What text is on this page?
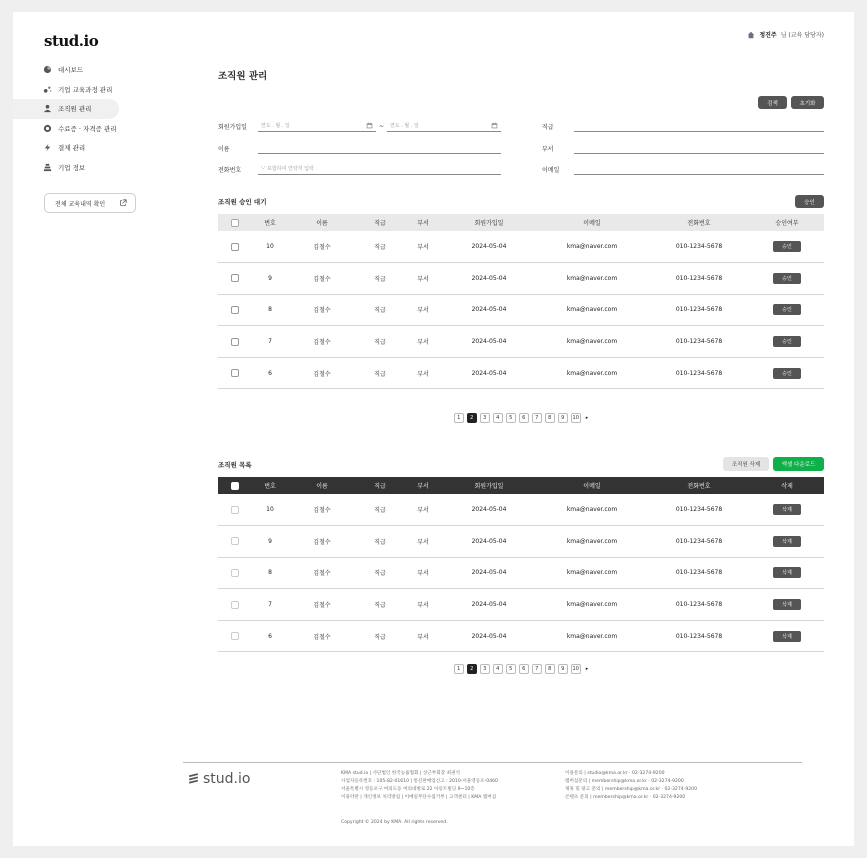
stud.io	정진주 님 (교육 담당자)
대시보드
기업 교육과정 관리
조직원 관리
수료증 · 자격증 관리
결제 관리
기업 정보
전체 교육내역 확인
조직원 관리
검색	초기화
회원가입일	연도 . 월 . 일	~	연도 . 월 . 일
이름
전화번호	'-' 포함하여 연락처 입력
직급
부서
이메일
조직원 승인 대기	승인
	번호	이름	직급	부서	회원가입일	이메일	전화번호	승인여부
	10	김철수	직급	부서	2024-05-04	kma@naver.com	010-1234-5678	승인
	9	김철수	직급	부서	2024-05-04	kma@naver.com	010-1234-5678	승인
	8	김철수	직급	부서	2024-05-04	kma@naver.com	010-1234-5678	승인
	7	김철수	직급	부서	2024-05-04	kma@naver.com	010-1234-5678	승인
	6	김철수	직급	부서	2024-05-04	kma@naver.com	010-1234-5678	승인
1	2	3	4	5	6	7	8	9	10	▸
조직원 목록	조직원 삭제	엑셀 다운로드
	번호	이름	직급	부서	회원가입일	이메일	전화번호	삭제
	10	김철수	직급	부서	2024-05-04	kma@naver.com	010-1234-5678	삭제
	9	김철수	직급	부서	2024-05-04	kma@naver.com	010-1234-5678	삭제
	8	김철수	직급	부서	2024-05-04	kma@naver.com	010-1234-5678	삭제
	7	김철수	직급	부서	2024-05-04	kma@naver.com	010-1234-5678	삭제
	6	김철수	직급	부서	2024-05-04	kma@naver.com	010-1234-5678	삭제
1	2	3	4	5	6	7	8	9	10	▸
stud.io	KMA stud.io | 사단법인 한국능률협회 | 상근부회장 최권석
사업자등록번호 : 105-82-01610 | 통신판매업신고 : 2010-서울영등포-0460
서울특별시 영등포구 여의도동 여의대방로 22 아롱트빌딩 9~10층
이용약관 | 개인정보 처리방침 | 이메일무단수집거부 | 고객센터 | KMA 멤버십
이용문의 | studio@kma.or.kr · 02-3274-9200
멤버십문의 | membership@kma.or.kr · 02-3274-9200
제휴 및 광고 문의 | membership@kma.or.kr · 02-3274-9200
콘텐츠 문의 | membership@kma.or.kr · 02-3274-9200
Copyright © 2024 by KMA. All rights reserved.
